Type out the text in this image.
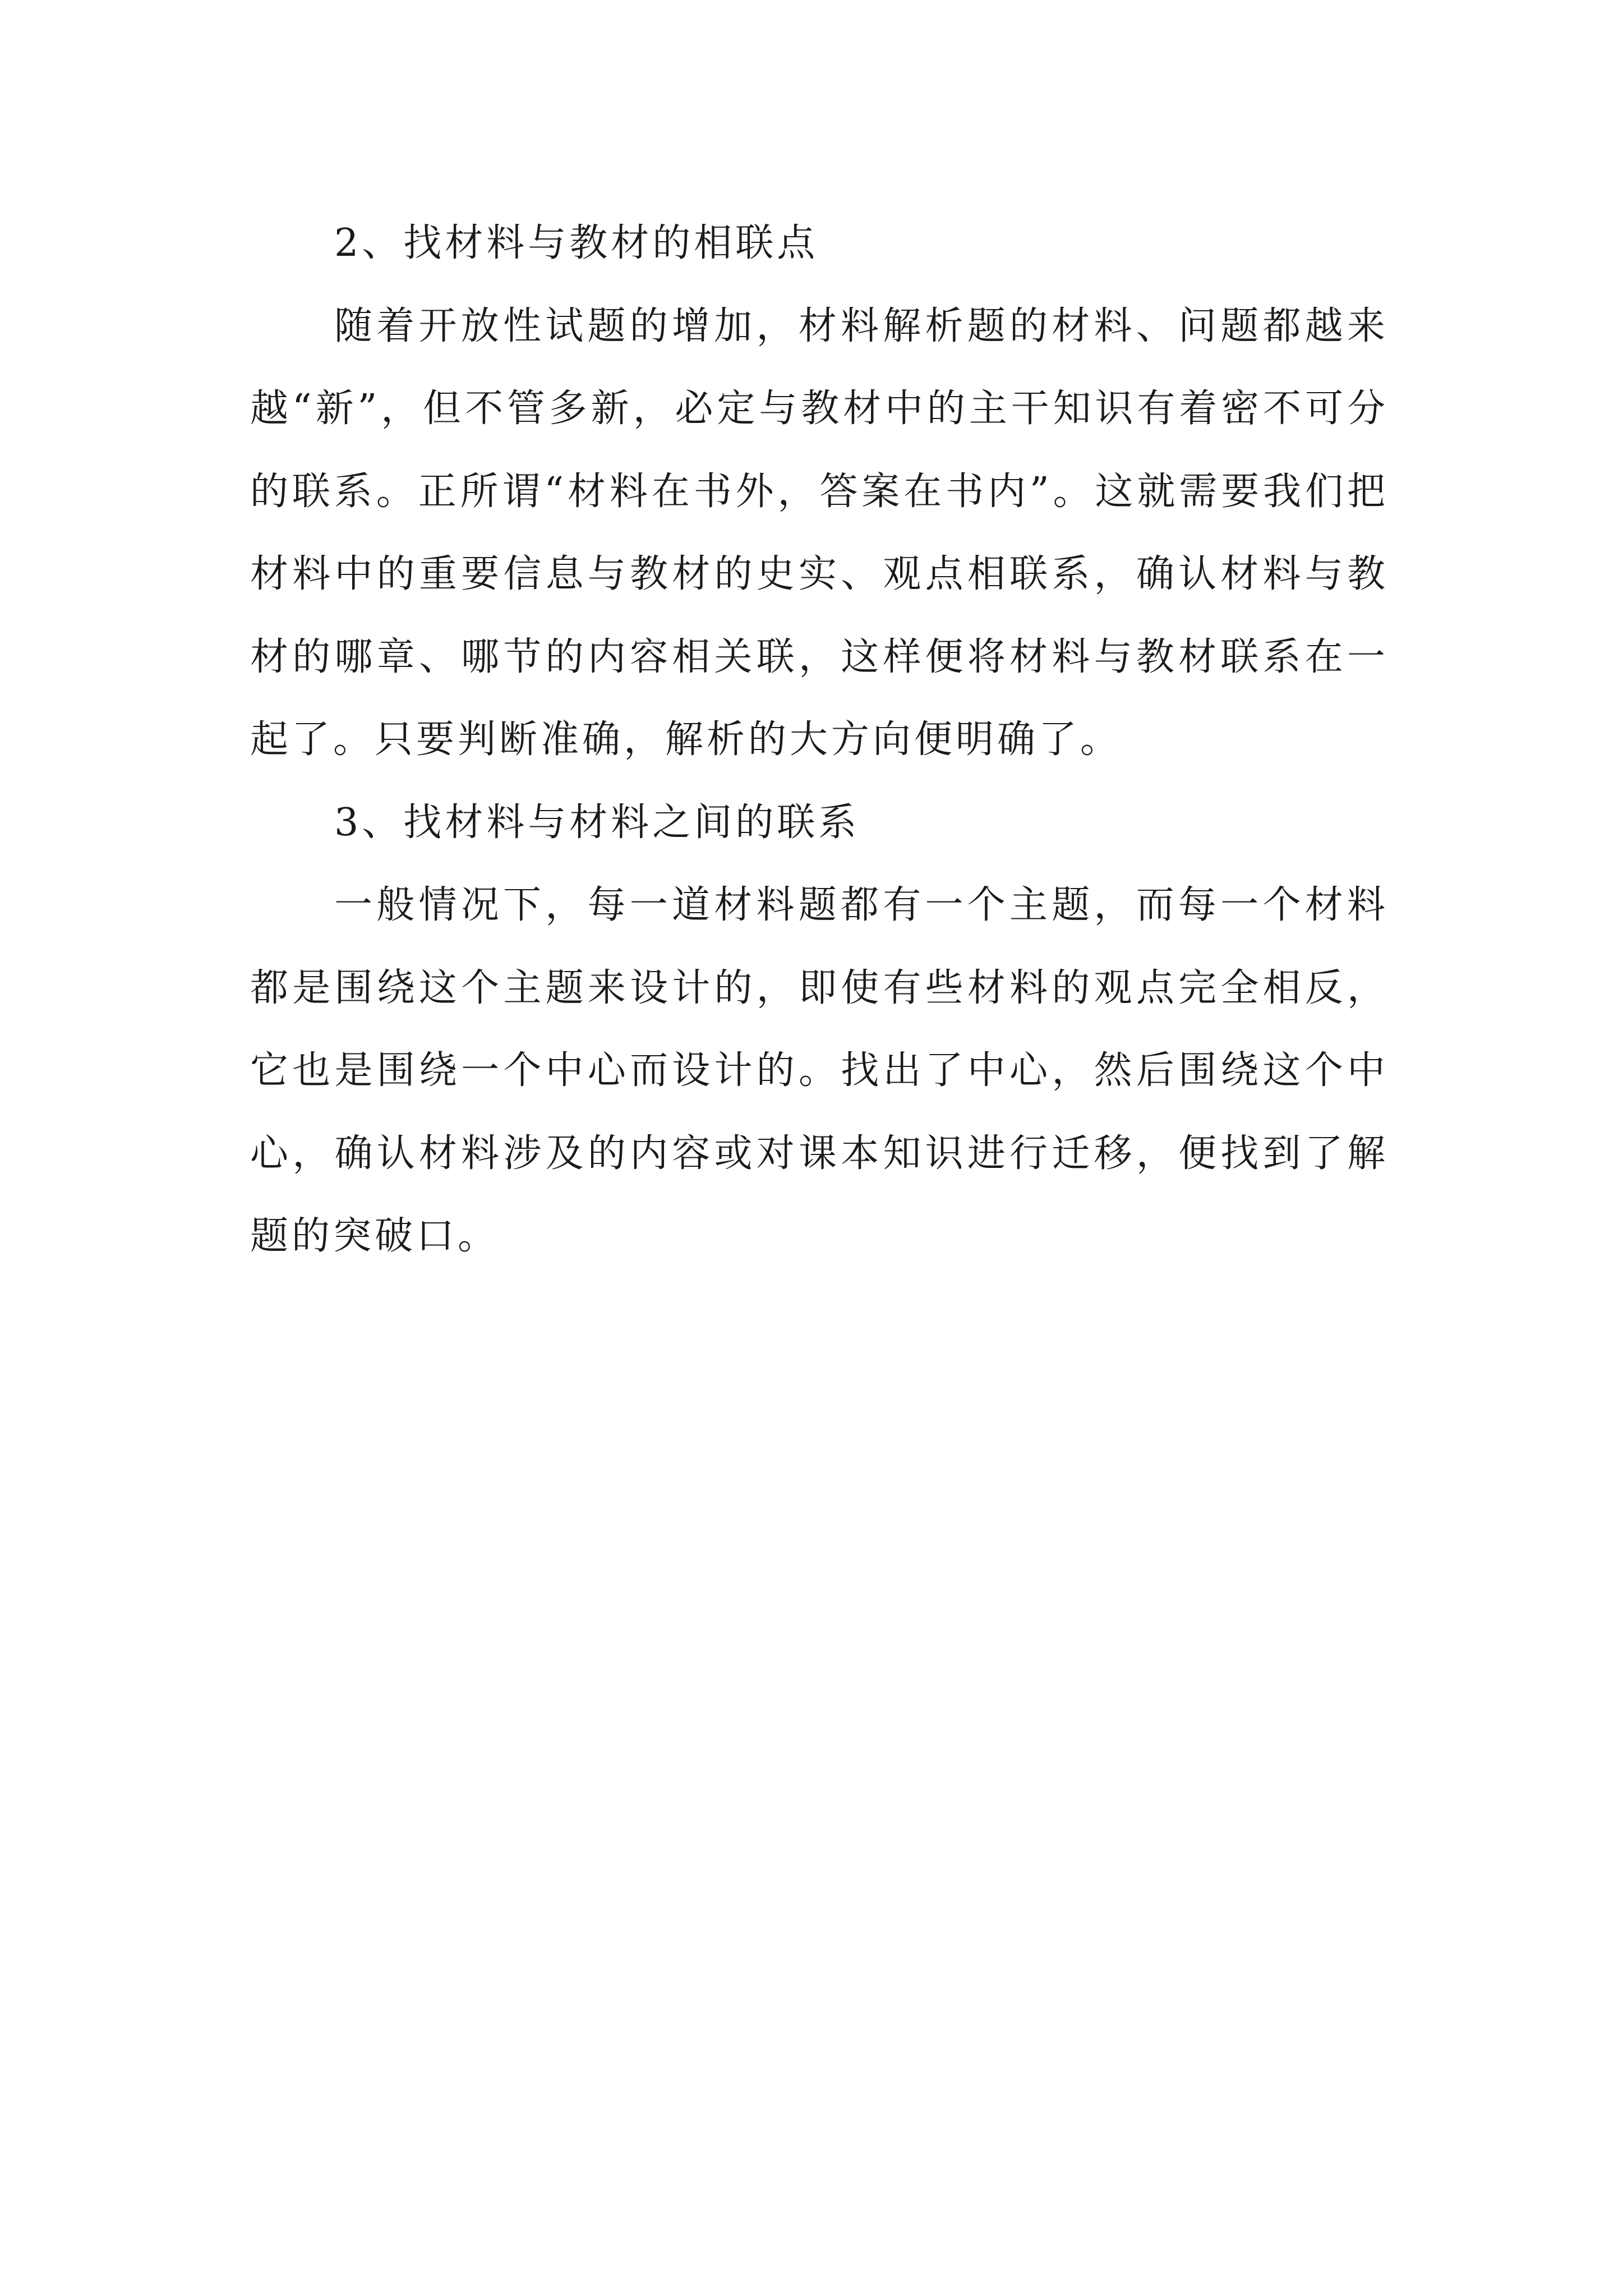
2、找材料与教材的相联点

随着开放性试题的增加，材料解析题的材料、问题都越来越“新”，但不管多新，必定与教材中的主干知识有着密不可分的联系。正所谓“材料在书外，答案在书内”。这就需要我们把材料中的重要信息与教材的史实、观点相联系，确认材料与教材的哪章、哪节的内容相关联，这样便将材料与教材联系在一起了。只要判断准确，解析的大方向便明确了。

3、找材料与材料之间的联系

一般情况下，每一道材料题都有一个主题，而每一个材料都是围绕这个主题来设计的，即使有些材料的观点完全相反，它也是围绕一个中心而设计的。找出了中心，然后围绕这个中心，确认材料涉及的内容或对课本知识进行迁移，便找到了解题的突破口。
